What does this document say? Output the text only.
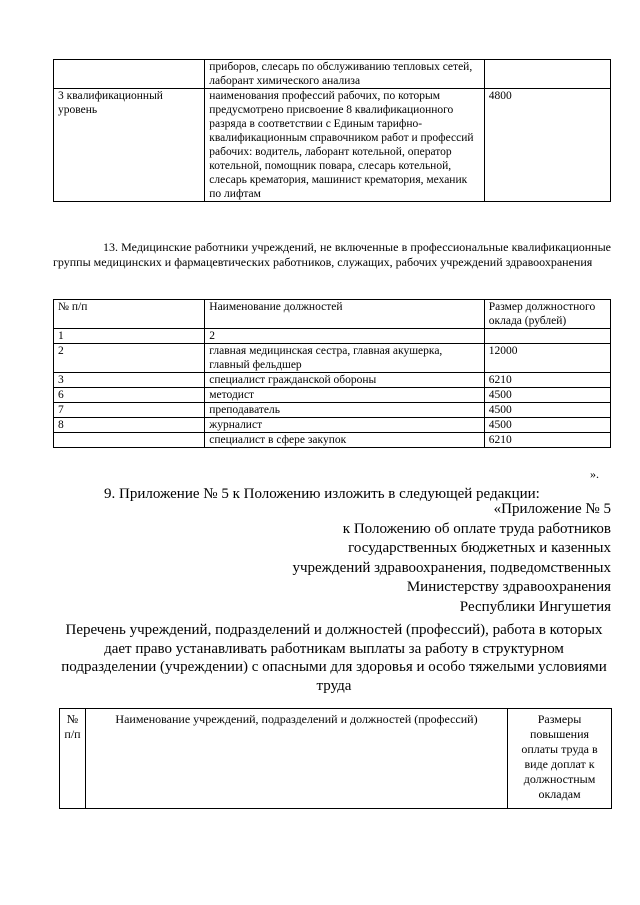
	приборов, слесарь по обслуживанию тепловых сетей, лаборант химического анализа	
3 квалификационный уровень	наименования профессий рабочих, по которым предусмотрено присвоение 8 квалификационного разряда в соответствии с Единым тарифно-квалификационным справочником работ и профессий рабочих: водитель, лаборант котельной, оператор котельной, помощник повара, слесарь котельной, слесарь крематория, машинист крематория, механик по лифтам	4800

13. Медицинские работники учреждений, не включенные в профессиональные квалификационные группы медицинских и фармацевтических работников, служащих, рабочих учреждений здравоохранения

№ п/п	Наименование должностей	Размер должностного оклада (рублей)
1	2	
2	главная медицинская сестра, главная акушерка, главный фельдшер	12000
3	специалист гражданской обороны	6210
6	методист	4500
7	преподаватель	4500
8	журналист	4500
	специалист в сфере закупок	6210

».

9. Приложение № 5 к Положению изложить в следующей редакции:

«Приложение № 5
к Положению об оплате труда работников
государственных бюджетных и казенных
учреждений здравоохранения, подведомственных
Министерству здравоохранения
Республики Ингушетия

Перечень учреждений, подразделений и должностей (профессий), работа в которых дает право устанавливать работникам выплаты за работу в структурном подразделении (учреждении) с опасными для здоровья и особо тяжелыми условиями труда

№ п/п	Наименование учреждений, подразделений и должностей (профессий)	Размеры повышения оплаты труда в виде доплат к должностным окладам
